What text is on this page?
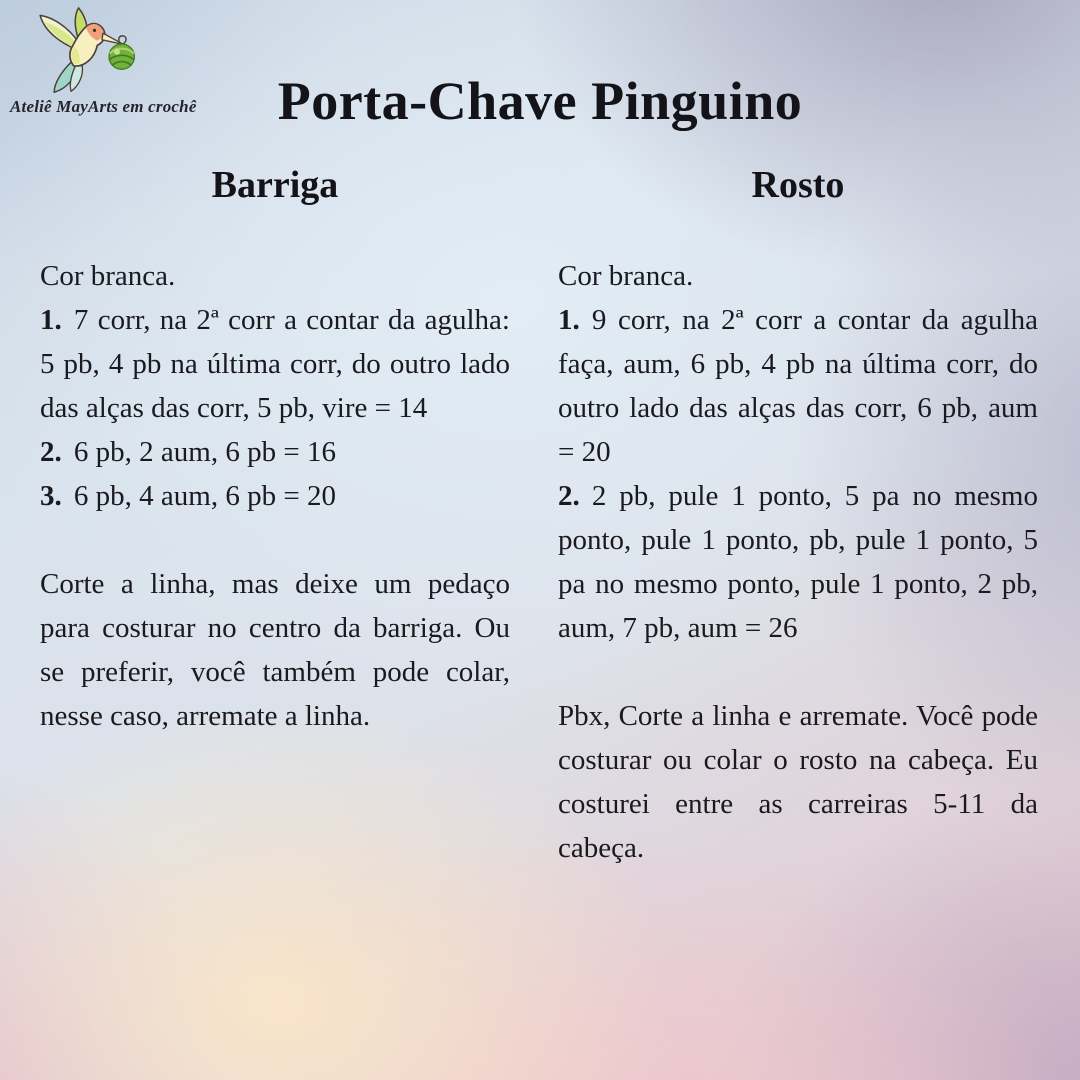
Ateliê MayArts em crochê	Porta-Chave Pinguino
Barriga

Cor branca.

1. 7 corr, na 2ª corr a contar da agulha: 5 pb, 4 pb na última corr, do outro lado das alças das corr, 5 pb, vire = 14

2. 6 pb, 2 aum, 6 pb = 16

3. 6 pb, 4 aum, 6 pb = 20

Corte a linha, mas deixe um pedaço para costurar no centro da barriga. Ou se preferir, você também pode colar, nesse caso, arremate a linha.

Rosto

Cor branca.

1. 9 corr, na 2ª corr a contar da agulha faça, aum, 6 pb, 4 pb na última corr, do outro lado das alças das corr, 6 pb, aum = 20

2. 2 pb, pule 1 ponto, 5 pa no mesmo ponto, pule 1 ponto, pb, pule 1 ponto, 5 pa no mesmo ponto, pule 1 ponto, 2 pb, aum, 7 pb, aum = 26

Pbx, Corte a linha e arremate. Você pode costurar ou colar o rosto na cabeça. Eu costurei entre as carreiras 5-11 da cabeça.
